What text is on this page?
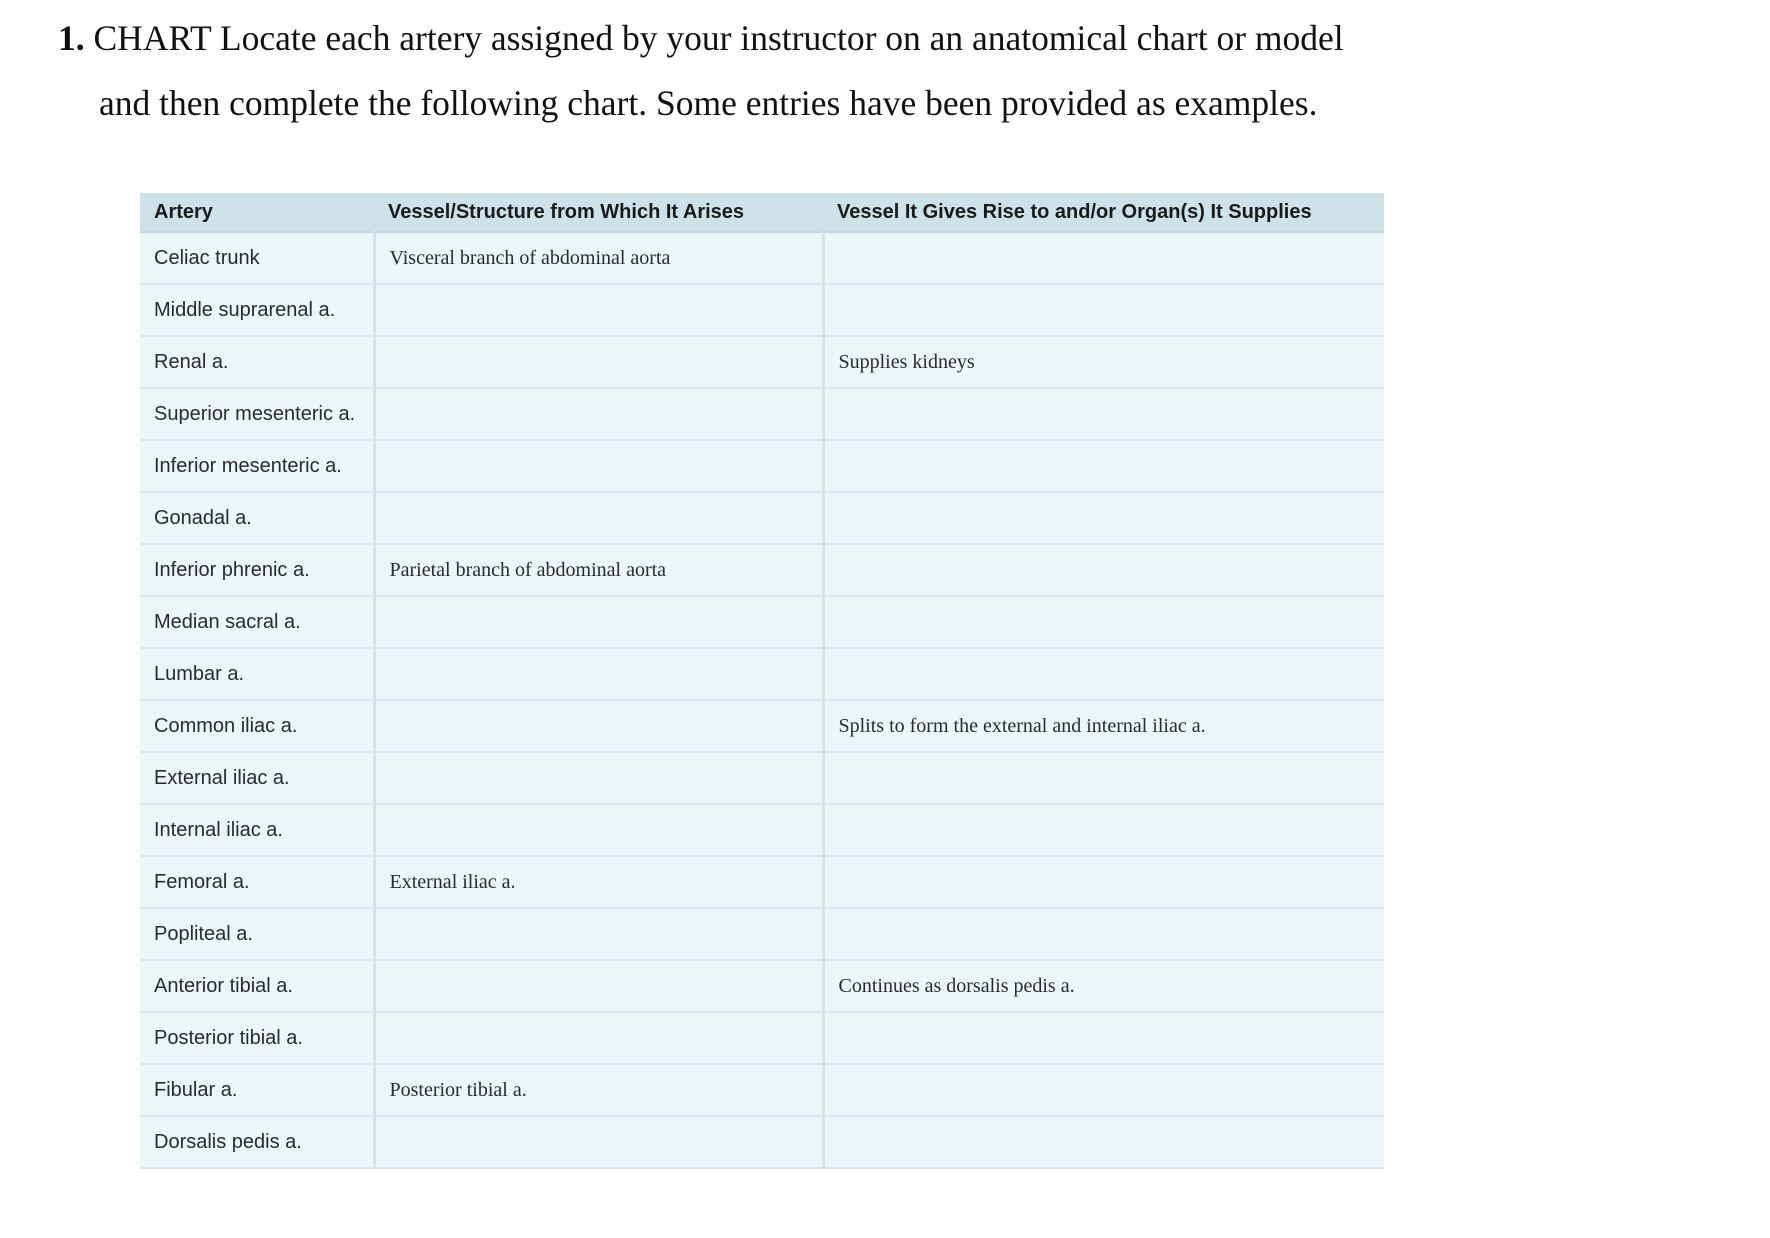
1. CHART Locate each artery assigned by your instructor on an anatomical chart or model
and then complete the following chart. Some entries have been provided as examples.
Artery	Vessel/Structure from Which It Arises	Vessel It Gives Rise to and/or Organ(s) It Supplies
Celiac trunk	Visceral branch of abdominal aorta	
Middle suprarenal a.		
Renal a.		Supplies kidneys
Superior mesenteric a.		
Inferior mesenteric a.		
Gonadal a.		
Inferior phrenic a.	Parietal branch of abdominal aorta	
Median sacral a.		
Lumbar a.		
Common iliac a.		Splits to form the external and internal iliac a.
External iliac a.		
Internal iliac a.		
Femoral a.	External iliac a.	
Popliteal a.		
Anterior tibial a.		Continues as dorsalis pedis a.
Posterior tibial a.		
Fibular a.	Posterior tibial a.	
Dorsalis pedis a.		
